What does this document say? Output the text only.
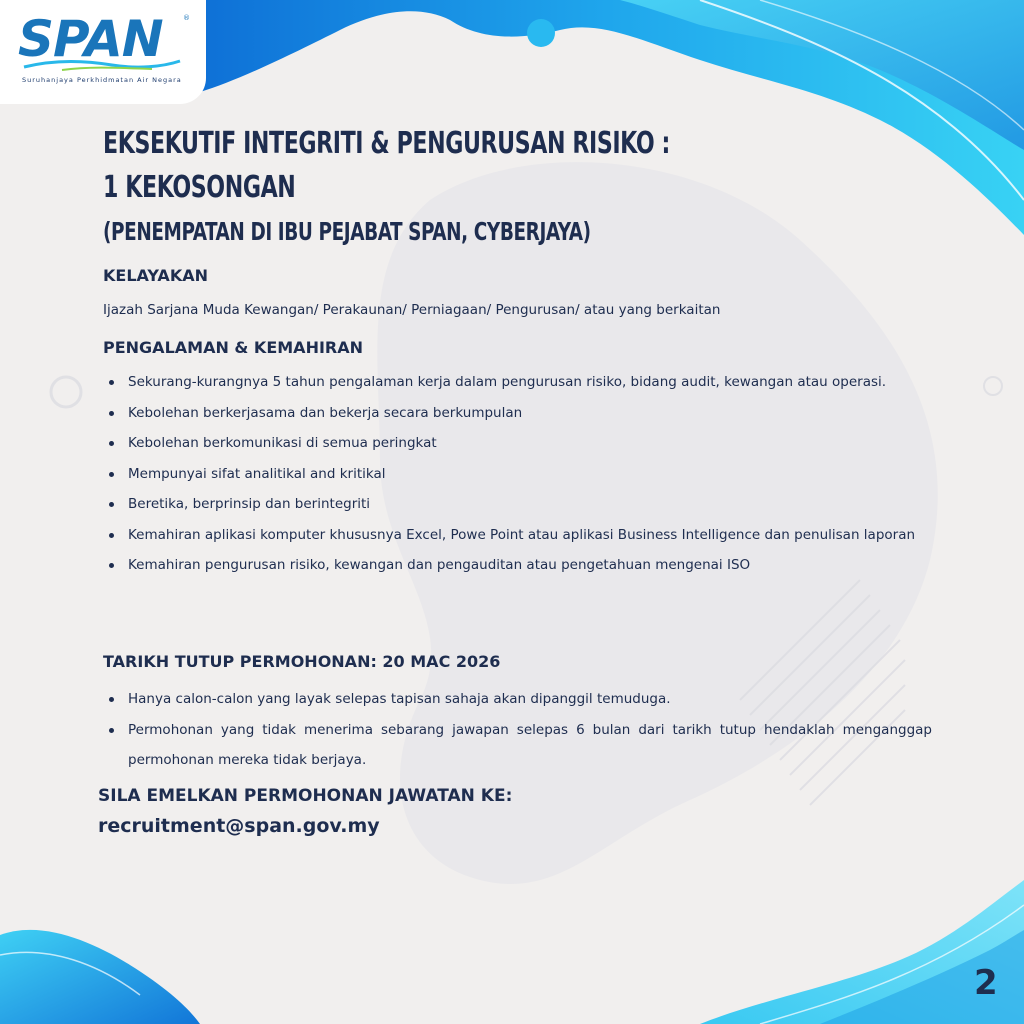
SPAN	®
Suruhanjaya Perkhidmatan Air Negara
EKSEKUTIF INTEGRITI & PENGURUSAN RISIKO :
1 KEKOSONGAN
(PENEMPATAN DI IBU PEJABAT SPAN, CYBERJAYA)
KELAYAKAN
Ijazah Sarjana Muda Kewangan/ Perakaunan/ Perniagaan/ Pengurusan/ atau yang berkaitan
PENGALAMAN & KEMAHIRAN
Sekurang-kurangnya 5 tahun pengalaman kerja dalam pengurusan risiko, bidang audit, kewangan atau operasi.
Kebolehan berkerjasama dan bekerja secara berkumpulan
Kebolehan berkomunikasi di semua peringkat
Mempunyai sifat analitikal and kritikal
Beretika, berprinsip dan berintegriti
Kemahiran aplikasi komputer khususnya Excel, Powe Point atau aplikasi Business Intelligence dan penulisan laporan
Kemahiran pengurusan risiko, kewangan dan pengauditan atau pengetahuan mengenai ISO
TARIKH TUTUP PERMOHONAN: 20 MAC 2026
Hanya calon-calon yang layak selepas tapisan sahaja akan dipanggil temuduga.
Permohonan yang tidak menerima sebarang jawapan selepas 6 bulan dari tarikh tutup hendaklah menganggap permohonan mereka tidak berjaya.
SILA EMELKAN PERMOHONAN JAWATAN KE:
recruitment@span.gov.my
2
